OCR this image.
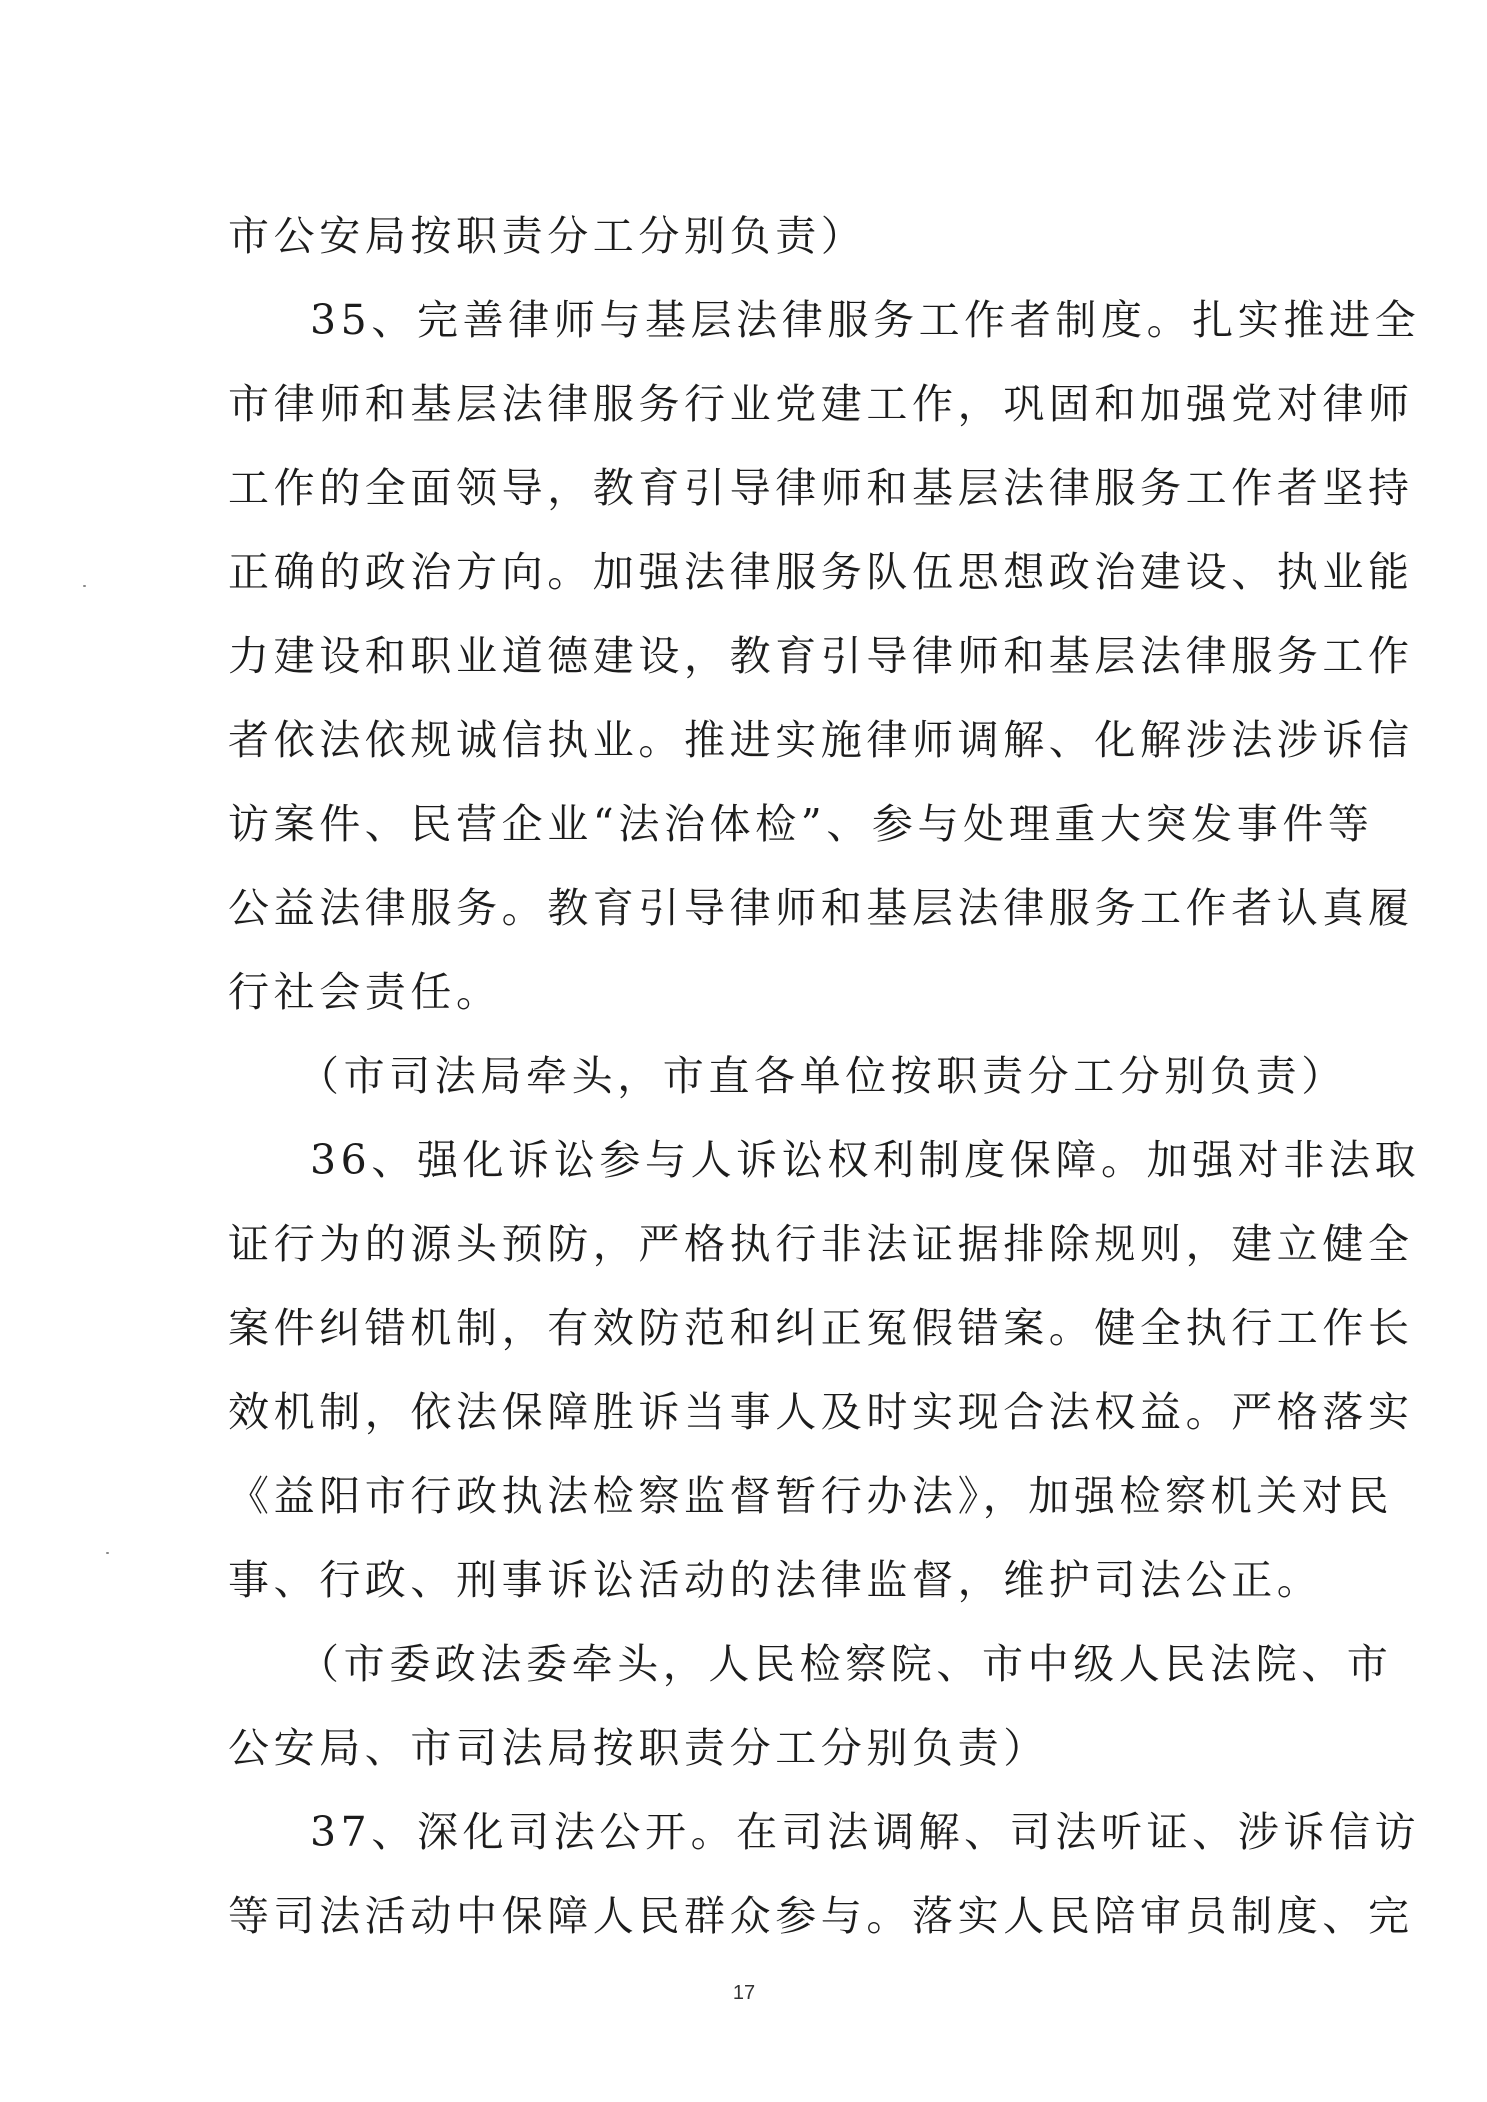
市公安局按职责分工分别负责）
35、完善律师与基层法律服务工作者制度。扎实推进全
市律师和基层法律服务行业党建工作，巩固和加强党对律师
工作的全面领导，教育引导律师和基层法律服务工作者坚持
正确的政治方向。加强法律服务队伍思想政治建设、执业能
力建设和职业道德建设，教育引导律师和基层法律服务工作
者依法依规诚信执业。推进实施律师调解、化解涉法涉诉信
访案件、民营企业“法治体检”、参与处理重大突发事件等
公益法律服务。教育引导律师和基层法律服务工作者认真履
行社会责任。
（市司法局牵头，市直各单位按职责分工分别负责）
36、强化诉讼参与人诉讼权利制度保障。加强对非法取
证行为的源头预防，严格执行非法证据排除规则，建立健全
案件纠错机制，有效防范和纠正冤假错案。健全执行工作长
效机制，依法保障胜诉当事人及时实现合法权益。严格落实
《益阳市行政执法检察监督暂行办法》，加强检察机关对民
事、行政、刑事诉讼活动的法律监督，维护司法公正。
（市委政法委牵头，人民检察院、市中级人民法院、市
公安局、市司法局按职责分工分别负责）
37、深化司法公开。在司法调解、司法听证、涉诉信访
等司法活动中保障人民群众参与。落实人民陪审员制度、完
17
